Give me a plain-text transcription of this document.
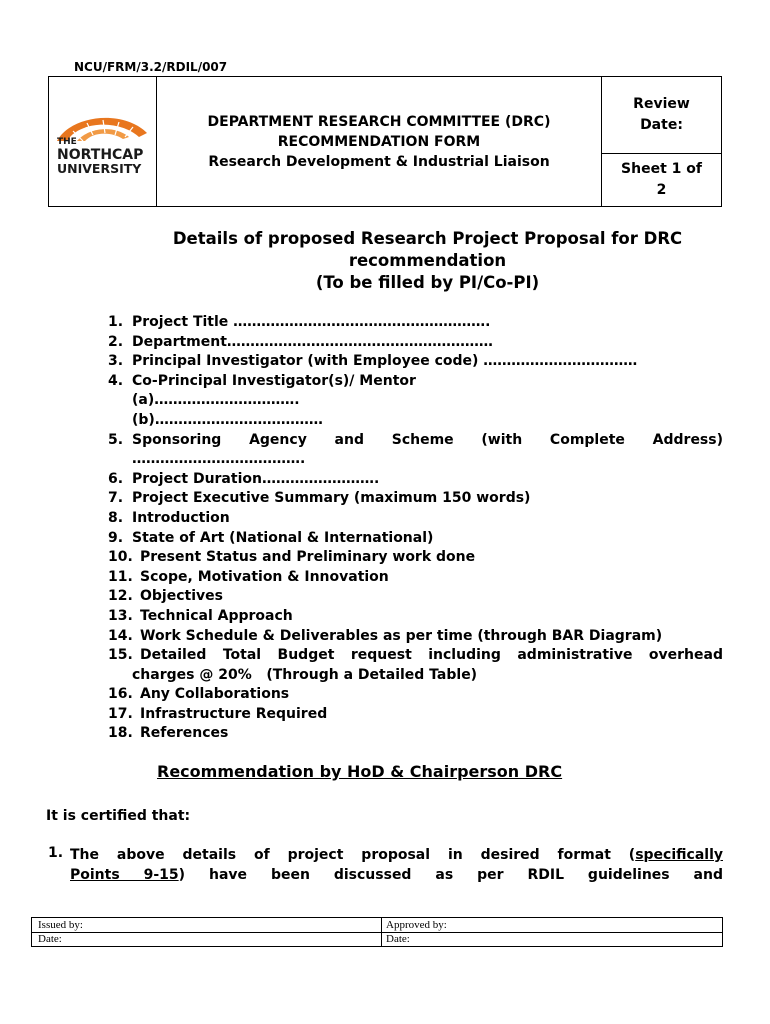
NCU/FRM/3.2/RDIL/007
THE
NORTHCAP
UNIVERSITY
DEPARTMENT RESEARCH COMMITTEE (DRC)
RECOMMENDATION FORM
Research Development & Industrial Liaison
Review
Date:
Sheet 1 of
2
Details of proposed Research Project Proposal for DRC
recommendation
(To be filled by PI/Co-PI)
1. Project Title ……………………………………………….
2. Department…………………………………………………
3. Principal Investigator (with Employee code) ……………………………
4. Co-Principal Investigator(s)/ Mentor
(a)………………………….
(b)………………………………
5. Sponsoring Agency and Scheme (with Complete Address)
……………………………….
6. Project Duration…………………….
7. Project Executive Summary (maximum 150 words)
8. Introduction
9. State of Art (National & International)
10. Present Status and Preliminary work done
11. Scope, Motivation & Innovation
12. Objectives
13. Technical Approach
14. Work Schedule & Deliverables as per time (through BAR Diagram)
15. Detailed Total Budget request including administrative overhead
charges @ 20%   (Through a Detailed Table)
16. Any Collaborations
17. Infrastructure Required
18. References
Recommendation by HoD & Chairperson DRC
It is certified that:
1. The above details of project proposal in desired format (specifically
Points 9-15) have been discussed as per RDIL guidelines and
Issued by:	Approved by:
Date:	Date:
